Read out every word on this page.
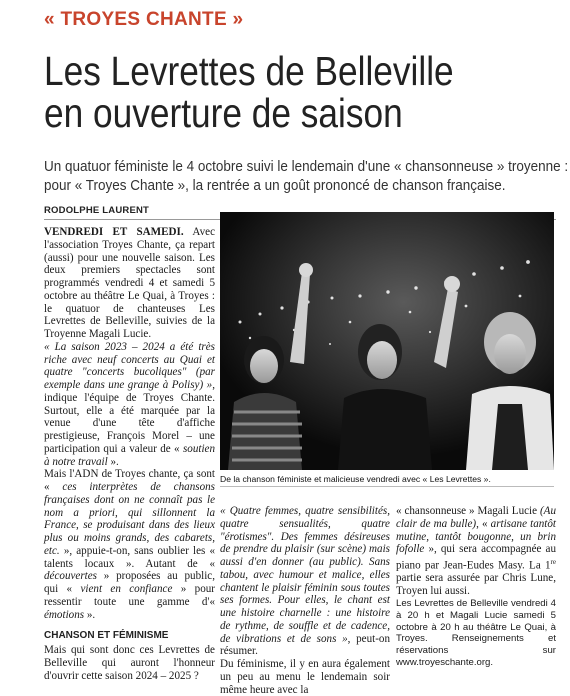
« TROYES CHANTE »
Les Levrettes de Belleville
en ouverture de saison

Un quatuor féministe le 4 octobre suivi le lendemain d'une « chansonneuse » troyenne :
pour « Troyes Chante », la rentrée a un goût prononcé de chanson française.

RODOLPHE LAURENT

VENDREDI ET SAMEDI. Avec l'association Troyes Chante, ça repart (aussi) pour une nouvelle saison. Les deux premiers spectacles sont programmés vendredi 4 et samedi 5 octobre au théâtre Le Quai, à Troyes : le quatuor de chanteuses Les Levrettes de Belleville, suivies de la Troyenne Magali Lucie.

« La saison 2023 – 2024 a été très riche avec neuf concerts au Quai et quatre "concerts bucoliques" (par exemple dans une grange à Polisy) », indique l'équipe de Troyes Chante. Surtout, elle a été marquée par la venue d'une tête d'affiche prestigieuse, François Morel – une participation qui a valeur de « soutien à notre travail ».

Mais l'ADN de Troyes chante, ça sont « ces interprètes de chansons françaises dont on ne connaît pas le nom a priori, qui sillonnent la France, se produisant dans des lieux plus ou moins grands, des cabarets, etc. », appuie-t-on, sans oublier les « talents locaux ». Autant de « découvertes » proposées au public, qui « vient en confiance » pour ressentir toute une gamme d'« émotions ».

CHANSON ET FÉMINISME

Mais qui sont donc ces Levrettes de Belleville qui auront l'honneur d'ouvrir cette saison 2024 – 2025 ?

De la chanson féministe et malicieuse vendredi avec « Les Levrettes ».

« Quatre femmes, quatre sensibilités, quatre sensualités, quatre "érotismes". Des femmes désireuses de prendre du plaisir (sur scène) mais aussi d'en donner (au public). Sans tabou, avec humour et malice, elles chantent le plaisir féminin sous toutes ses formes. Pour elles, le chant est une histoire charnelle : une histoire de rythme, de souffle et de cadence, de vibrations et de sons », peut-on résumer.

Du féminisme, il y en aura également un peu au menu le lendemain soir même heure avec la

« chansonneuse » Magali Lucie (Au clair de ma bulle), « artisane tantôt mutine, tantôt bougonne, un brin fofolle », qui sera accompagnée au piano par Jean-Eudes Masy. La 1re partie sera assurée par Chris Lune, Troyen lui aussi.

Les Levrettes de Belleville vendredi 4 à 20 h et Magali Lucie samedi 5 octobre à 20 h au théâtre Le Quai, à Troyes. Renseignements et réservations sur www.troyeschante.org.
